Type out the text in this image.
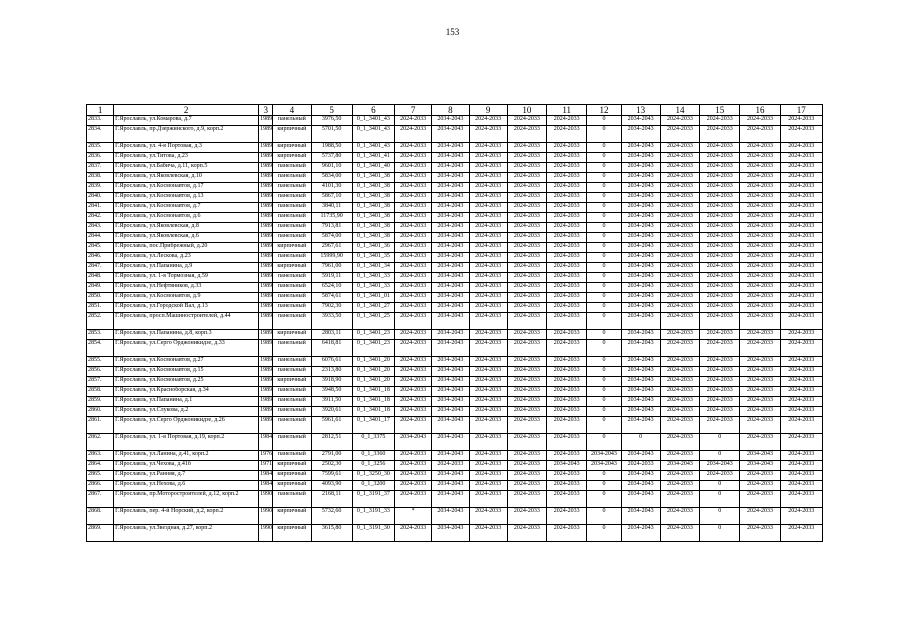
153
1	2	3	4	5	6	7	8	9	10	11	12	13	14	15	16	17
2833.	Г.Ярославль, ул.Комарова, д.7	1989	панельный	3976,50	0_1_3401_43	2024-2033	2034-2043	2024-2033	2024-2033	2024-2033	0	2034-2043	2024-2033	2024-2033	2024-2033	2024-2033
2834.	Г.Ярославль, пр.Дзержинского, д.9, корп.2	1989	кирпичный	5701,50	0_1_3401_43	2024-2033	2034-2043	2024-2033	2024-2033	2024-2033	0	2034-2043	2024-2033	2024-2033	2024-2033	2024-2033
2835.	Г.Ярославль, ул. 4-я Портовая, д.3	1989	кирпичный	1988,50	0_1_3401_43	2024-2033	2034-2043	2024-2033	2024-2033	2024-2033	0	2034-2043	2024-2033	2024-2033	2024-2033	2024-2033
2836.	Г.Ярославль, ул.Титова, д.23	1989	кирпичный	5737,80	0_1_3401_41	2024-2033	2034-2043	2024-2033	2024-2033	2024-2033	0	2034-2043	2024-2033	2024-2033	2024-2033	2024-2033
2837.	Г.Ярославль, ул.Бабича, д.11, корп.5	1989	панельный	9601,10	0_1_3401_40	2024-2033	2034-2043	2024-2033	2024-2033	2024-2033	0	2034-2043	2024-2033	2024-2033	2024-2033	2024-2033
2838.	Г.Ярославль, ул.Яковлевская, д.10	1989	панельный	5834,00	0_1_3401_38	2024-2033	2034-2043	2024-2033	2024-2033	2024-2033	0	2034-2043	2024-2033	2024-2033	2024-2033	2024-2033
2839.	Г.Ярославль, ул.Космонавтов, д.17	1989	панельный	4101,30	0_1_3401_38	2024-2033	2034-2043	2024-2033	2024-2033	2024-2033	0	2034-2043	2024-2033	2024-2033	2024-2033	2024-2033
2840.	Г.Ярославль, ул.Космонавтов, д.13	1989	панельный	5867,10	0_1_3401_38	2024-2033	2034-2043	2024-2033	2024-2033	2024-2033	0	2034-2043	2024-2033	2024-2033	2024-2033	2024-2033
2841.	Г.Ярославль, ул.Космонавтов, д.7	1989	панельный	3840,11	0_1_3401_38	2024-2033	2034-2043	2024-2033	2024-2033	2024-2033	0	2034-2043	2024-2033	2024-2033	2024-2033	2024-2033
2842.	Г.Ярославль, ул.Космонавтов, д.6	1989	панельный	11735,90	0_1_3401_38	2024-2033	2034-2043	2024-2033	2024-2033	2024-2033	0	2034-2043	2024-2033	2024-2033	2024-2033	2024-2033
2843.	Г.Ярославль, ул.Яковлевская, д.8	1989	панельный	7913,81	0_1_3401_38	2024-2033	2034-2043	2024-2033	2024-2033	2024-2033	0	2034-2043	2024-2033	2024-2033	2024-2033	2024-2033
2844.	Г.Ярославль, ул.Яковлевская, д.6	1989	панельный	5874,00	0_1_3401_38	2024-2033	2034-2043	2024-2033	2024-2033	2024-2033	0	2034-2043	2024-2033	2024-2033	2024-2033	2024-2033
2845.	Г.Ярославль, пос.Прибрежный, д.20	1989	кирпичный	2967,61	0_1_3401_36	2024-2033	2034-2043	2024-2033	2024-2033	2024-2033	0	2034-2043	2024-2033	2024-2033	2024-2033	2024-2033
2846.	Г.Ярославль, ул.Лескова, д.23	1989	панельный	15999,90	0_1_3401_35	2024-2033	2034-2043	2024-2033	2024-2033	2024-2033	0	2034-2043	2024-2033	2024-2033	2024-2033	2024-2033
2847.	Г.Ярославль, ул.Папанина, д.9	1989	кирпичный	7961,00	0_1_3401_34	2024-2033	2034-2043	2024-2033	2024-2033	2024-2033	0	2034-2043	2024-2033	2024-2033	2024-2033	2024-2033
2848.	Г.Ярославль, ул. 1-я Тормозная, д.59	1989	панельный	5919,11	0_1_3401_33	2024-2033	2034-2043	2024-2033	2024-2033	2024-2033	0	2034-2043	2024-2033	2024-2033	2024-2033	2024-2033
2849.	Г.Ярославль, ул.Нефтяников, д.33	1989	панельный	6524,10	0_1_3401_33	2024-2033	2034-2043	2024-2033	2024-2033	2024-2033	0	2034-2043	2024-2033	2024-2033	2024-2033	2024-2033
2850.	Г.Ярославль, ул.Космонавтов, д.9	1989	панельный	5874,61	0_1_3401_01	2024-2033	2034-2043	2024-2033	2024-2033	2024-2033	0	2034-2043	2024-2033	2024-2033	2024-2033	2024-2033
2851.	Г.Ярославль, ул.Городской Вал, д.13	1989	панельный	7902,30	0_1_3401_27	2024-2033	2034-2043	2024-2033	2024-2033	2024-2033	0	2034-2043	2024-2033	2024-2033	2024-2033	2024-2033
2852.	Г.Ярославль, просп.Машиностроителей, д.44	1989	панельный	3933,50	0_1_3401_25	2024-2033	2034-2043	2024-2033	2024-2033	2024-2033	0	2034-2043	2024-2033	2024-2033	2024-2033	2024-2033
2853.	Г.Ярославль, ул.Папанина, д.8, корп.3	1989	кирпичный	2803,11	0_1_3401_23	2024-2033	2034-2043	2024-2033	2024-2033	2024-2033	0	2034-2043	2024-2033	2024-2033	2024-2033	2024-2033
2854.	Г.Ярославль, ул.Серго Орджоникидзе, д.33	1989	панельный	6418,81	0_1_3401_23	2024-2033	2034-2043	2024-2033	2024-2033	2024-2033	0	2034-2043	2024-2033	2024-2033	2024-2033	2024-2033
2855.	Г.Ярославль, ул.Космонавтов, д.27	1989	панельный	6076,61	0_1_3401_20	2024-2033	2034-2043	2024-2033	2024-2033	2024-2033	0	2034-2043	2024-2033	2024-2033	2024-2033	2024-2033
2856.	Г.Ярославль, ул.Космонавтов, д.15	1989	панельный	2313,80	0_1_3401_20	2024-2033	2034-2043	2024-2033	2024-2033	2024-2033	0	2034-2043	2024-2033	2024-2033	2024-2033	2024-2033
2857.	Г.Ярославль, ул.Космонавтов, д.25	1989	кирпичный	3918,90	0_1_3401_20	2024-2033	2034-2043	2024-2033	2024-2033	2024-2033	0	2034-2043	2024-2033	2024-2033	2024-2033	2024-2033
2858.	Г.Ярославль, ул.Красноборская, д.34	1989	панельный	3948,50	0_1_3401_18	2024-2033	2034-2043	2024-2033	2024-2033	2024-2033	0	2034-2043	2024-2033	2024-2033	2024-2033	2024-2033
2859.	Г.Ярославль, ул.Папанина, д.1	1989	панельный	3911,50	0_1_3401_18	2024-2033	2034-2043	2024-2033	2024-2033	2024-2033	0	2034-2043	2024-2033	2024-2033	2024-2033	2024-2033
2860.	Г.Ярославль, ул.Слукова, д.2	1989	панельный	3920,61	0_1_3401_18	2024-2033	2034-2043	2024-2033	2024-2033	2024-2033	0	2034-2043	2024-2033	2024-2033	2024-2033	2024-2033
2861.	Г.Ярославль, ул.Серго Орджоникидзе, д.26	1989	панельный	5961,61	0_1_3401_17	2024-2033	2034-2043	2024-2033	2024-2033	2024-2033	0	2034-2043	2024-2033	2024-2033	2024-2033	2024-2033
2862.	Г.Ярославль, ул. 1-я Портовая, д.19, корп.2	1984	панельный	2812,51	0_1_3375	2034-2043	2034-2043	2024-2033	2024-2033	2024-2033	0	0	2024-2033	0	2024-2033	2024-2033
2863.	Г.Ярославль, ул.Ланина, д.41, корп.2	1976	панельный	2791,00	0_1_3360	2024-2033	2034-2043	2024-2033	2024-2033	2024-2033	2034-2043	2034-2043	2024-2033	0	2034-2043	2024-2033
2864.	Г.Ярославль, ул.Чехова, д.41б	1971	кирпичный	2502,30	0_1_3256	2024-2033	2024-2033	2024-2033	2024-2033	2034-2043	2034-2043	2024-2033	2034-2043	2034-2043	2034-2043	2024-2033
2865.	Г.Ярославль, ул.Ранняя, д.7	1984	кирпичный	7599,61	0_1_3250_30	2024-2033	2034-2043	2024-2033	2024-2033	2024-2033	0	2034-2043	2024-2033	2024-2033	2024-2033	2024-2033
2866.	Г.Ярославль, ул.Нехова, д.6	1984	кирпичный	4093,90	0_1_3200	2024-2033	2034-2043	2024-2033	2024-2033	2024-2033	0	2034-2043	2024-2033	0	2024-2033	2024-2033
2867.	Г.Ярославль, пр.Моторостроителей, д.12, корп.2	1990	панельный	2168,11	0_1_3191_37	2024-2033	2034-2043	2024-2033	2024-2033	2024-2033	0	2034-2043	2024-2033	0	2024-2033	2024-2033
2868.	Г.Ярославль, пер. 4-й Норский, д.2, корп.2	1990	кирпичный	5732,60	0_1_3191_33	*	2034-2043	2024-2033	2024-2033	2024-2033	0	2034-2043	2024-2033	0	2024-2033	2024-2033
2869.	Г.Ярославль, ул.Звездная, д.27, корп.2	1990	кирпичный	3615,80	0_1_3191_30	2024-2033	2034-2043	2024-2033	2024-2033	2024-2033	0	2034-2043	2024-2033	0	2024-2033	2024-2033
